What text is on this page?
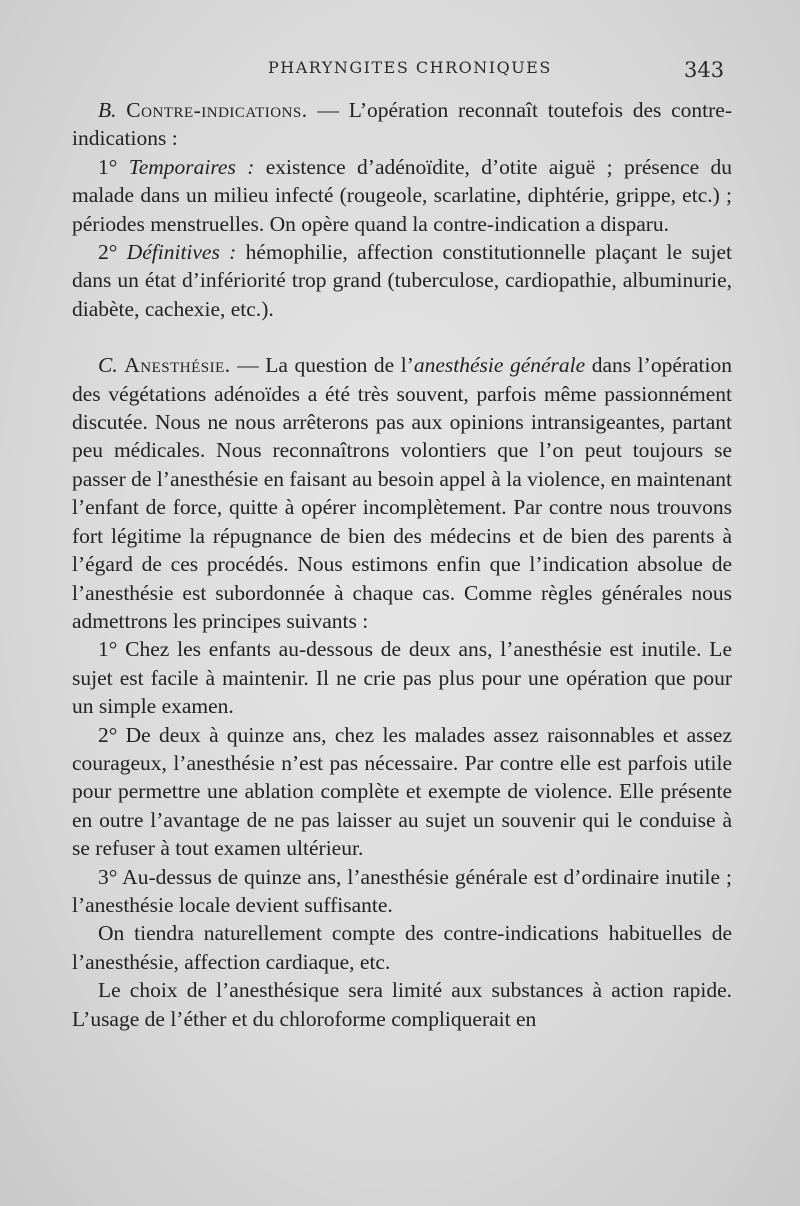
PHARYNGITES CHRONIQUES	343

B. Contre-indications. — L’opération reconnaît toutefois des contre-indications :

1° Temporaires : existence d’adénoïdite, d’otite aiguë ; présence du malade dans un milieu infecté (rougeole, scarlatine, diphtérie, grippe, etc.) ; périodes menstruelles. On opère quand la contre-indication a disparu.

2° Définitives : hémophilie, affection constitutionnelle plaçant le sujet dans un état d’infériorité trop grand (tuberculose, cardiopathie, albuminurie, diabète, cachexie, etc.).

C. Anesthésie. — La question de l’anesthésie générale dans l’opération des végétations adénoïdes a été très souvent, parfois même passionnément discutée. Nous ne nous arrêterons pas aux opinions intransigeantes, partant peu médicales. Nous reconnaîtrons volontiers que l’on peut toujours se passer de l’anesthésie en faisant au besoin appel à la violence, en maintenant l’enfant de force, quitte à opérer incomplètement. Par contre nous trouvons fort légitime la répugnance de bien des médecins et de bien des parents à l’égard de ces procédés. Nous estimons enfin que l’indication absolue de l’anesthésie est subordonnée à chaque cas. Comme règles générales nous admettrons les principes suivants :

1° Chez les enfants au-dessous de deux ans, l’anesthésie est inutile. Le sujet est facile à maintenir. Il ne crie pas plus pour une opération que pour un simple examen.

2° De deux à quinze ans, chez les malades assez raisonnables et assez courageux, l’anesthésie n’est pas nécessaire. Par contre elle est parfois utile pour permettre une ablation complète et exempte de violence. Elle présente en outre l’avantage de ne pas laisser au sujet un souvenir qui le conduise à se refuser à tout examen ultérieur.

3° Au-dessus de quinze ans, l’anesthésie générale est d’ordinaire inutile ; l’anesthésie locale devient suffisante.

On tiendra naturellement compte des contre-indications habituelles de l’anesthésie, affection cardiaque, etc.

Le choix de l’anesthésique sera limité aux substances à action rapide. L’usage de l’éther et du chloroforme compliquerait en
